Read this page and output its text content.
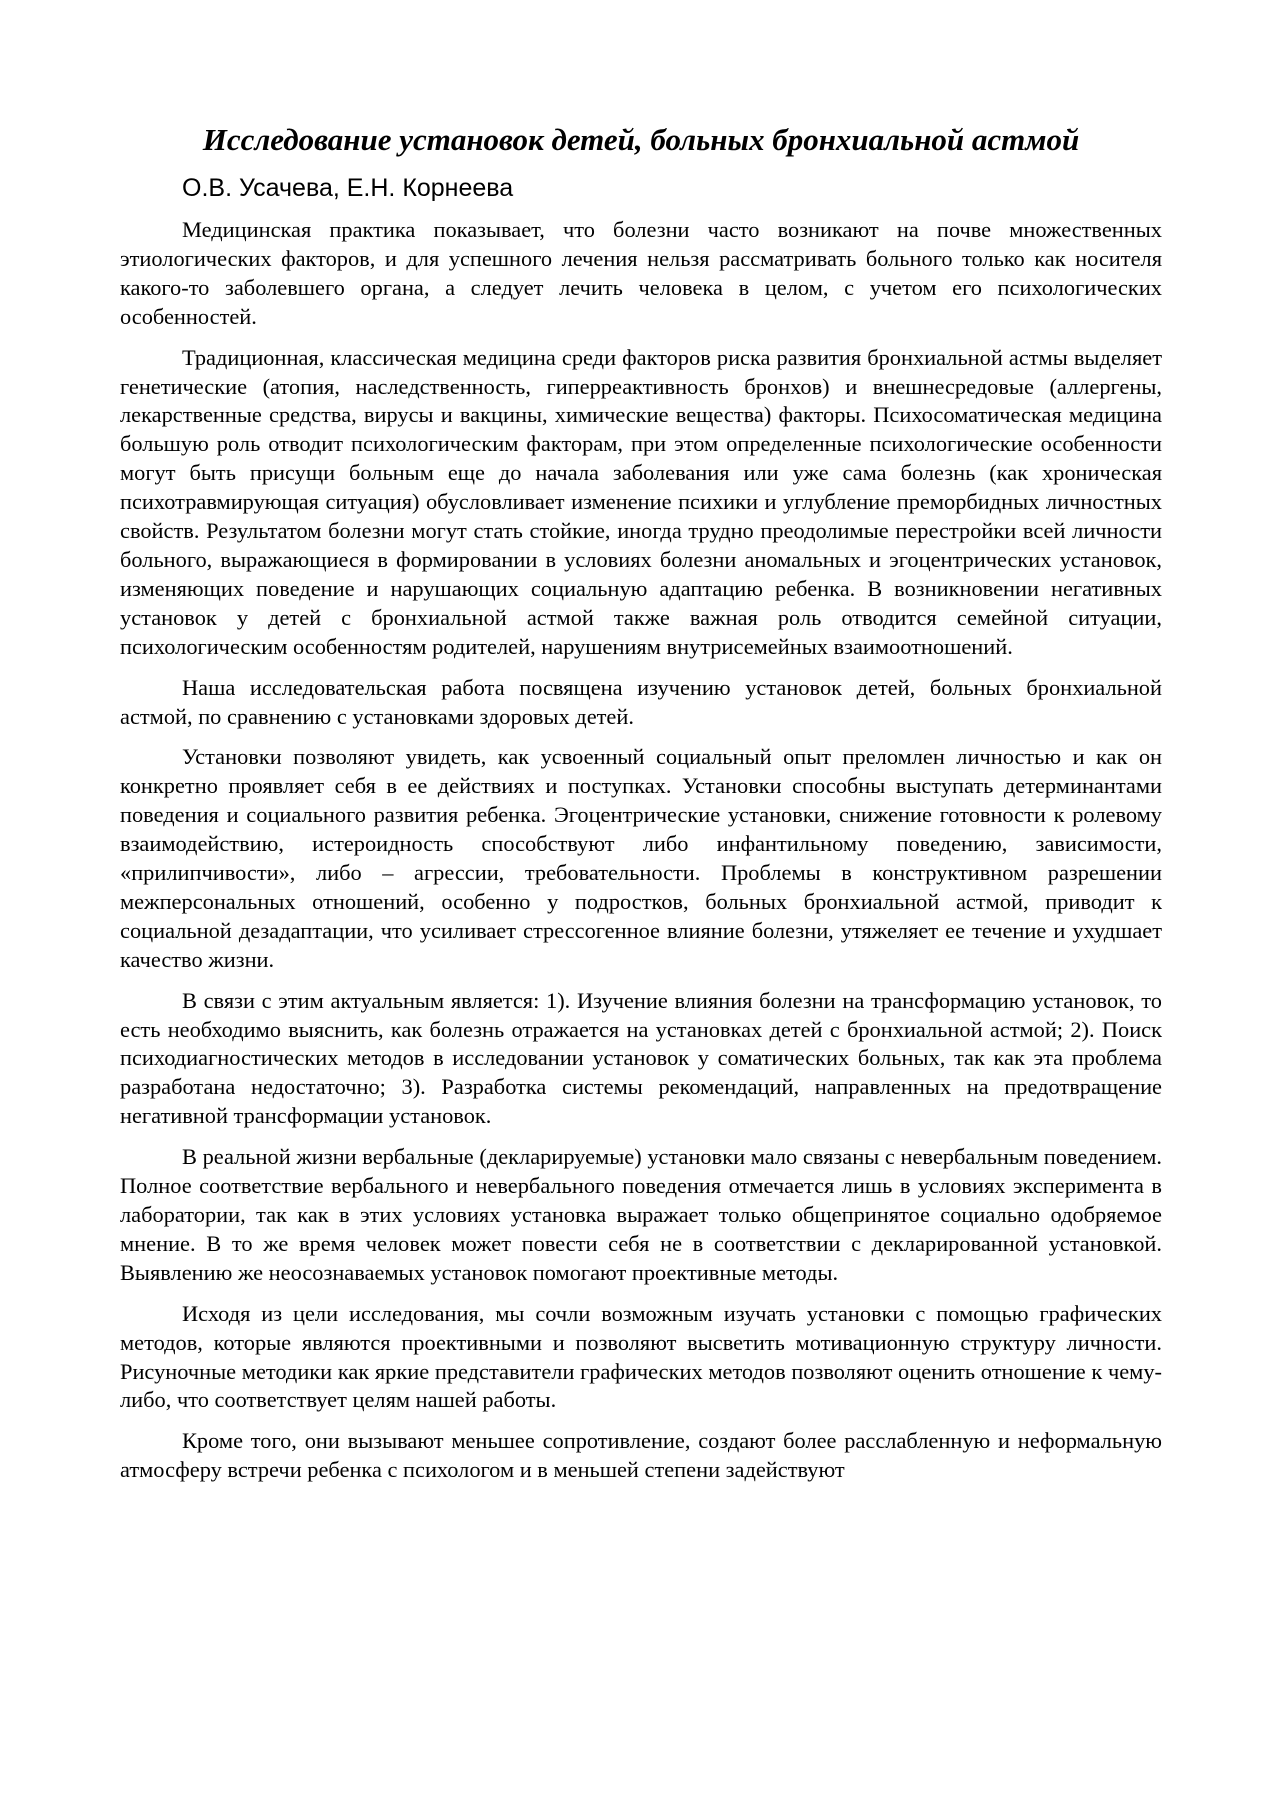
Исследование установок детей, больных бронхиальной астмой
О.В. Усачева, Е.Н. Корнеева

Медицинская практика показывает, что болезни часто возникают на почве множественных этиологических факторов, и для успешного лечения нельзя рассматривать больного только как носителя какого-то заболевшего органа, а следует лечить человека в целом, с учетом его психологических особенностей.

Традиционная, классическая медицина среди факторов риска развития бронхиальной астмы выделяет генетические (атопия, наследственность, гиперреактивность бронхов) и внешнесредовые (аллергены, лекарственные средства, вирусы и вакцины, химические вещества) факторы. Психосоматическая медицина большую роль отводит психологическим факторам, при этом определенные психологические особенности могут быть присущи больным еще до начала заболевания или уже сама болезнь (как хроническая психотравмирующая ситуация) обусловливает изменение психики и углубление преморбидных личностных свойств. Результатом болезни могут стать стойкие, иногда трудно преодолимые перестройки всей личности больного, выражающиеся в формировании в условиях болезни аномальных и эгоцентрических установок, изменяющих поведение и нарушающих социальную адаптацию ребенка. В возникновении негативных установок у детей с бронхиальной астмой также важная роль отводится семейной ситуации, психологическим особенностям родителей, нарушениям внутрисемейных взаимоотношений.

Наша исследовательская работа посвящена изучению установок детей, больных бронхиальной астмой, по сравнению с установками здоровых детей.

Установки позволяют увидеть, как усвоенный социальный опыт преломлен личностью и как он конкретно проявляет себя в ее действиях и поступках. Установки способны выступать детерминантами поведения и социального развития ребенка. Эгоцентрические установки, снижение готовности к ролевому взаимодействию, истероидность способствуют либо инфантильному поведению, зависимости, «прилипчивости», либо – агрессии, требовательности. Проблемы в конструктивном разрешении межперсональных отношений, особенно у подростков, больных бронхиальной астмой, приводит к социальной дезадаптации, что усиливает стрессогенное влияние болезни, утяжеляет ее течение и ухудшает качество жизни.

В связи с этим актуальным является: 1). Изучение влияния болезни на трансформацию установок, то есть необходимо выяснить, как болезнь отражается на установках детей с бронхиальной астмой; 2). Поиск психодиагностических методов в исследовании установок у соматических больных, так как эта проблема разработана недостаточно; 3). Разработка системы рекомендаций, направленных на предотвращение негативной трансформации установок.

В реальной жизни вербальные (декларируемые) установки мало связаны с невербальным поведением. Полное соответствие вербального и невербального поведения отмечается лишь в условиях эксперимента в лаборатории, так как в этих условиях установка выражает только общепринятое социально одобряемое мнение. В то же время человек может повести себя не в соответствии с декларированной установкой. Выявлению же неосознаваемых установок помогают проективные методы.

Исходя из цели исследования, мы сочли возможным изучать установки с помощью графических методов, которые являются проективными и позволяют высветить мотивационную структуру личности. Рисуночные методики как яркие представители графических методов позволяют оценить отношение к чему-либо, что соответствует целям нашей работы.

Кроме того, они вызывают меньшее сопротивление, создают более расслабленную и неформальную атмосферу встречи ребенка с психологом и в меньшей степени задействуют
